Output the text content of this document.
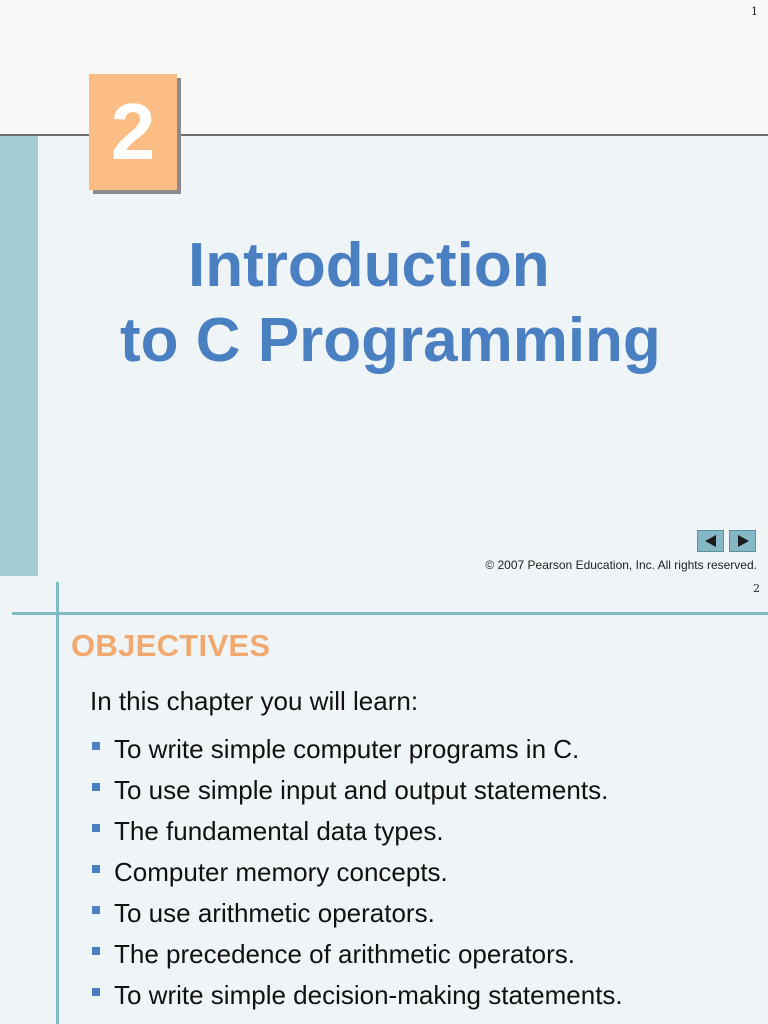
1
2
Introduction
to C Programming
© 2007 Pearson Education, Inc. All rights reserved.
2
OBJECTIVES
In this chapter you will learn:
To write simple computer programs in C.
To use simple input and output statements.
The fundamental data types.
Computer memory concepts.
To use arithmetic operators.
The precedence of arithmetic operators.
To write simple decision-making statements.
